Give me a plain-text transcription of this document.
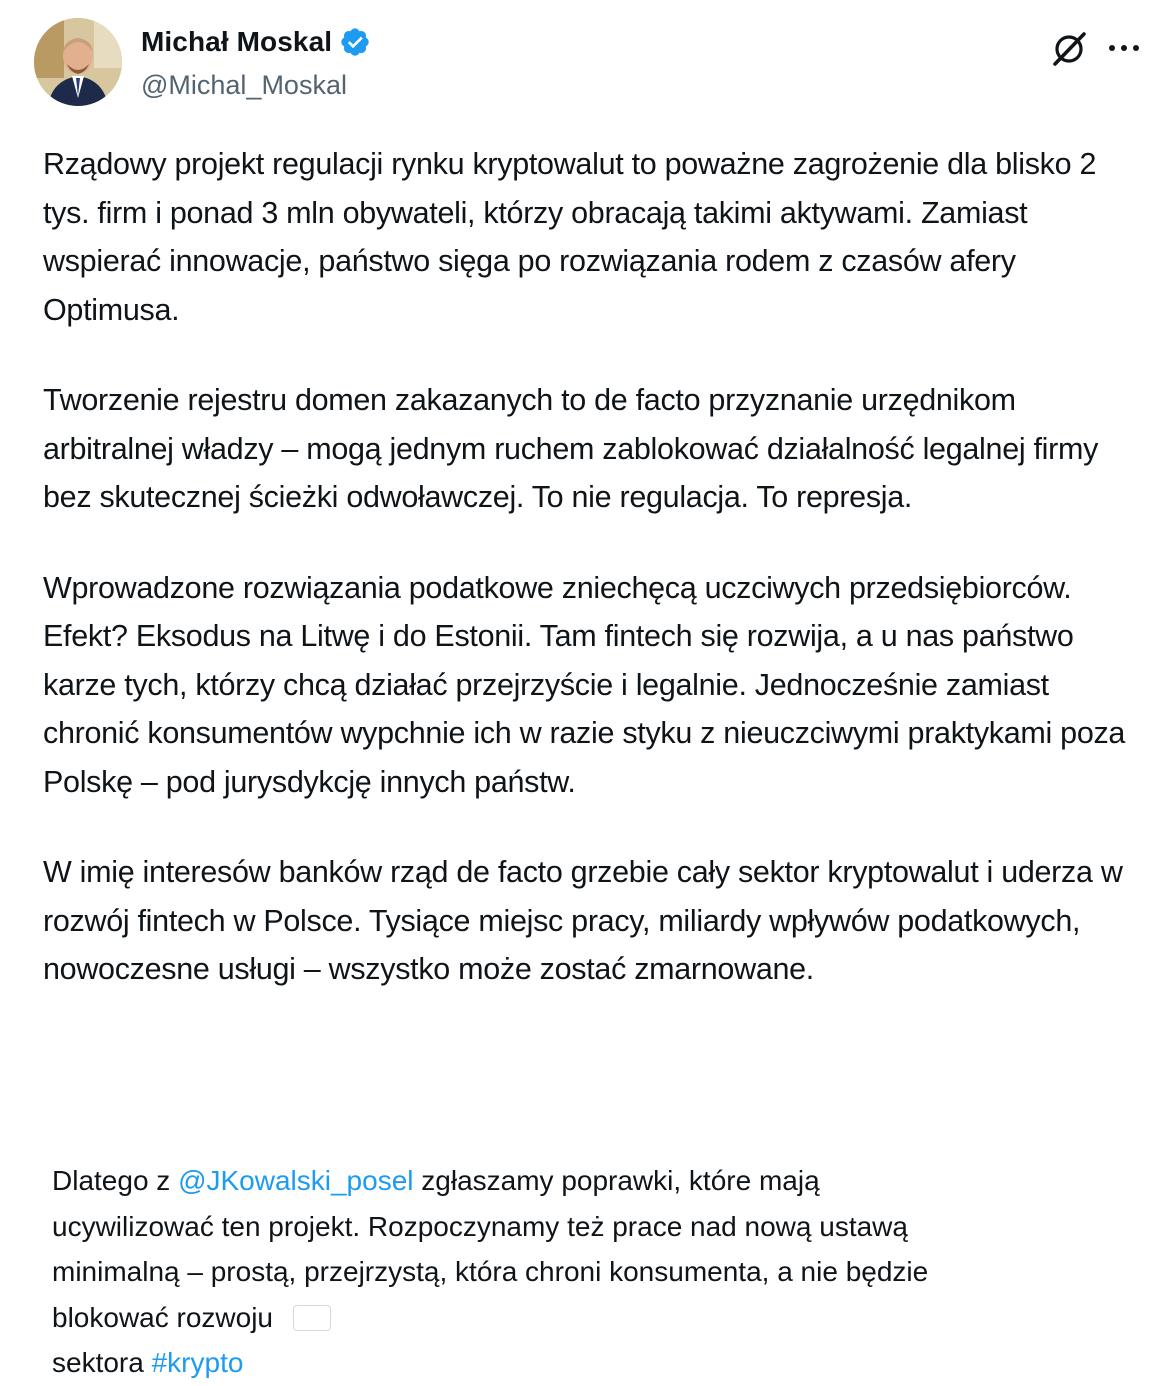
Michał Moskal
@Michal_Moskal

Rządowy projekt regulacji rynku kryptowalut to poważne zagrożenie dla blisko 2 tys. firm i ponad 3 mln obywateli, którzy obracają takimi aktywami. Zamiast wspierać innowacje, państwo sięga po rozwiązania rodem z czasów afery Optimusa.

Tworzenie rejestru domen zakazanych to de facto przyznanie urzędnikom arbitralnej władzy – mogą jednym ruchem zablokować działalność legalnej firmy bez skutecznej ścieżki odwoławczej. To nie regulacja. To represja.

Wprowadzone rozwiązania podatkowe zniechęcą uczciwych przedsiębiorców. Efekt? Eksodus na Litwę i do Estonii. Tam fintech się rozwija, a u nas państwo karze tych, którzy chcą działać przejrzyście i legalnie. Jednocześnie zamiast chronić konsumentów wypchnie ich w razie styku z nieuczciwymi praktykami poza Polskę – pod jurysdykcję innych państw.

W imię interesów banków rząd de facto grzebie cały sektor kryptowalut i uderza w rozwój fintech w Polsce. Tysiące miejsc pracy, miliardy wpływów podatkowych, nowoczesne usługi – wszystko może zostać zmarnowane.

Dlatego z @JKowalski_posel zgłaszamy poprawki, które mają

ucywilizować ten projekt. Rozpoczynamy też prace nad nową ustawą

minimalną – prostą, przejrzystą, która chroni konsumenta, a nie będzie

blokować rozwoju

sektora #krypto
